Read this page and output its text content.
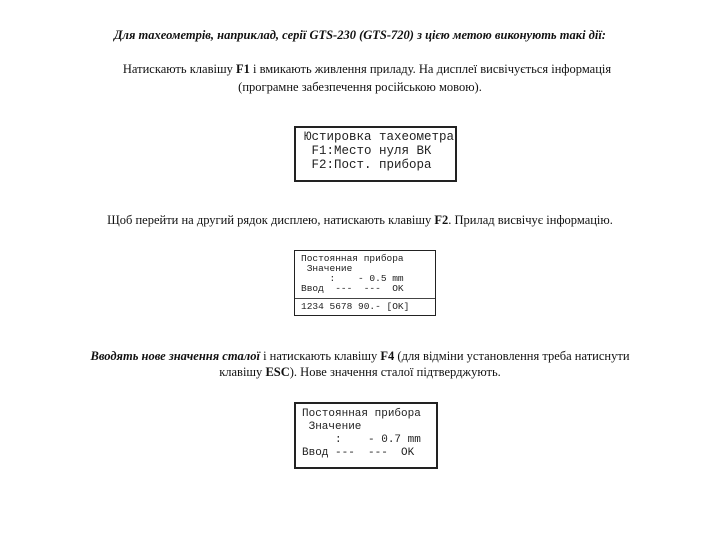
Для тахеометрів, наприклад, серії GTS-230 (GTS-720) з цією метою виконують такі дії:
Натискають клавішу F1 і вмикають живлення приладу. На дисплеї висвічується інформація
(програмне забезпечення російською мовою).
Юстировка тахеометра
F1:Место нуля ВК
F2:Пост. прибора
Щоб перейти на другий рядок дисплею, натискають клавішу F2. Прилад висвічує інформацію.
Постоянная прибора
Значение
:    - 0.5 mm
Ввод  ---  ---  OK
1234 5678 90.- [OK]
Вводять нове значення сталої і натискають клавішу F4 (для відміни установлення треба натиснути
клавішу ESC). Нове значення сталої підтверджують.
Постоянная прибора
Значение
:    - 0.7 mm
Ввод ---  ---  OK
